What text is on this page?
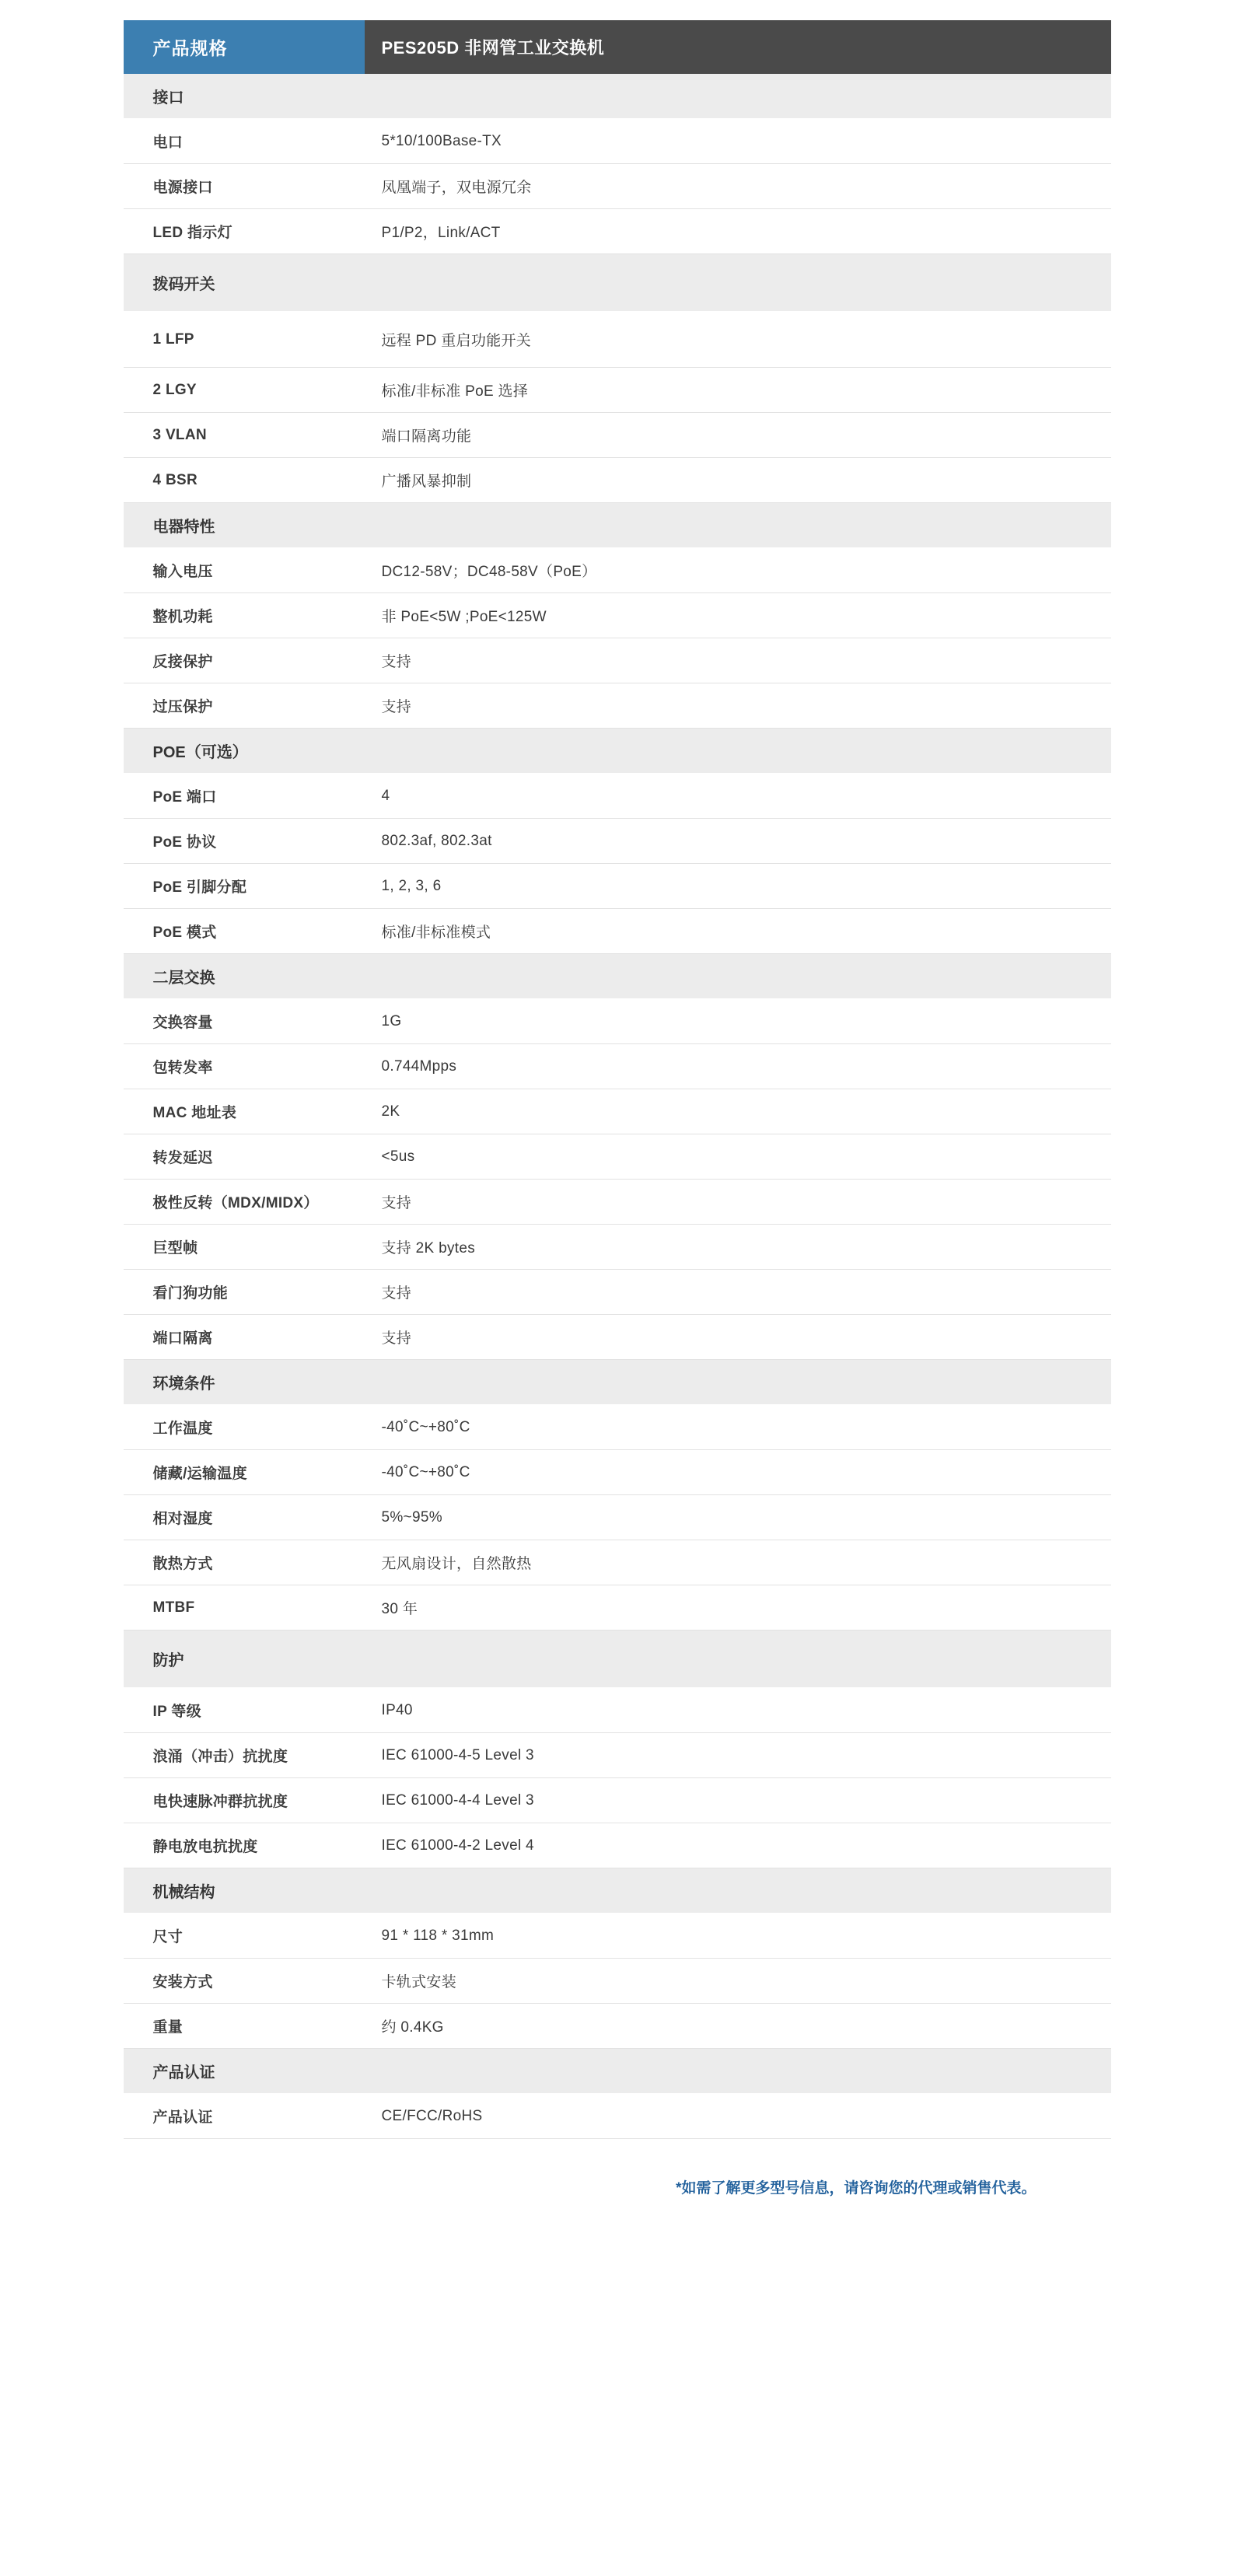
产品规格	PES205D 非网管工业交换机
接口	
电口	5*10/100Base-TX
电源接口	凤凰端子，双电源冗余
LED 指示灯	P1/P2，Link/ACT
拨码开关	
1 LFP	远程 PD 重启功能开关
2 LGY	标准/非标准 PoE 选择
3 VLAN	端口隔离功能
4 BSR	广播风暴抑制
电器特性	
输入电压	DC12-58V；DC48-58V（PoE）
整机功耗	非 PoE<5W ;PoE<125W
反接保护	支持
过压保护	支持
POE（可选）	
PoE 端口	4
PoE 协议	802.3af, 802.3at
PoE 引脚分配	1, 2, 3, 6
PoE 模式	标准/非标准模式
二层交换	
交换容量	1G
包转发率	0.744Mpps
MAC 地址表	2K
转发延迟	<5us
极性反转（MDX/MIDX）	支持
巨型帧	支持 2K bytes
看门狗功能	支持
端口隔离	支持
环境条件	
工作温度	-40˚C~+80˚C
储藏/运输温度	-40˚C~+80˚C
相对湿度	5%~95%
散热方式	无风扇设计，自然散热
MTBF	30 年
防护	
IP 等级	IP40
浪涌（冲击）抗扰度	IEC 61000-4-5 Level 3
电快速脉冲群抗扰度	IEC 61000-4-4 Level 3
静电放电抗扰度	IEC 61000-4-2 Level 4
机械结构	
尺寸	91 * 118 * 31mm
安装方式	卡轨式安装
重量	约 0.4KG
产品认证	
产品认证	CE/FCC/RoHS
*如需了解更多型号信息，请咨询您的代理或销售代表。
